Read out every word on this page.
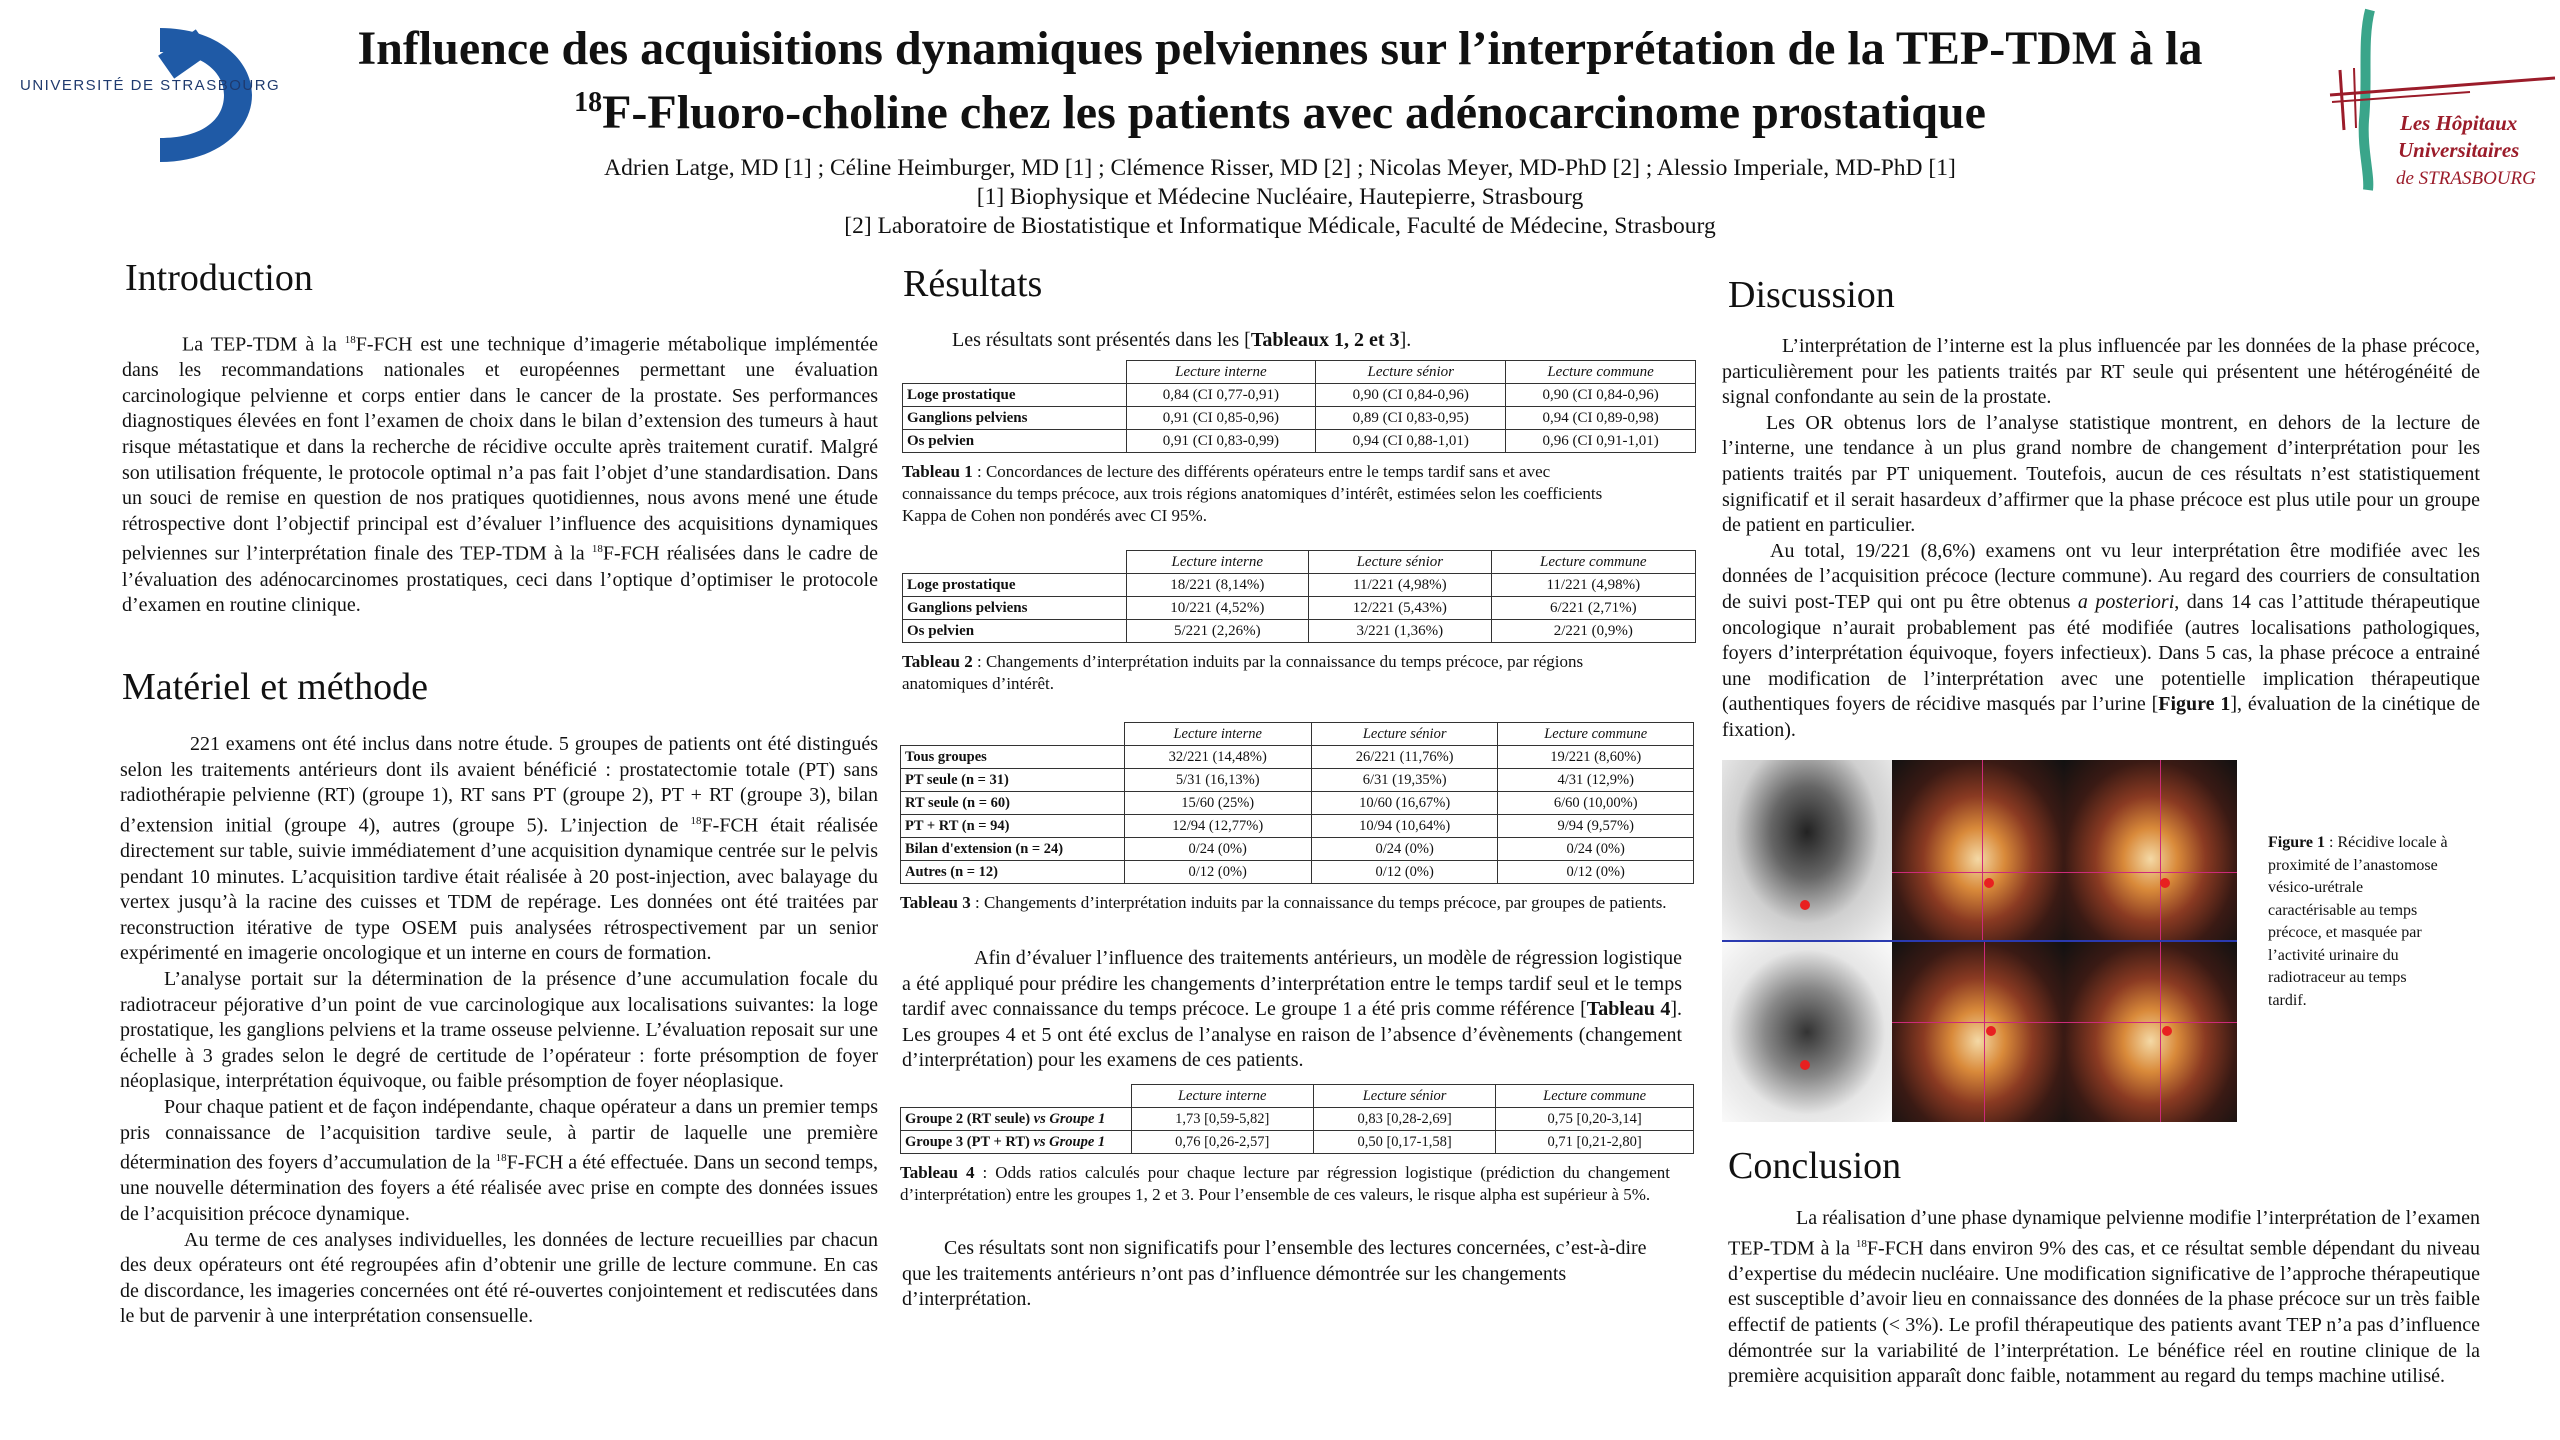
UNIVERSITÉ DE STRASBOURG
Les Hôpitaux
Universitaires
de STRASBOURG
Influence des acquisitions dynamiques pelviennes sur l’interprétation de la TEP-TDM à la
$^{18}$F-Fluoro-choline chez les patients avec adénocarcinome prostatique
Adrien Latge, MD [1] ; Céline Heimburger, MD [1] ; Clémence Risser, MD [2] ; Nicolas Meyer, MD-PhD [2] ; Alessio Imperiale, MD-PhD [1]
[1] Biophysique et Médecine Nucléaire, Hautepierre, Strasbourg
[2] Laboratoire de Biostatistique et Informatique Médicale, Faculté de Médecine, Strasbourg
Introduction

La TEP-TDM à la $^{18}$F-FCH est une technique d’imagerie métabolique implémentée dans les recommandations nationales et européennes permettant une évaluation carcinologique pelvienne et corps entier dans le cancer de la prostate. Ses performances diagnostiques élevées en font l’examen de choix dans le bilan d’extension des tumeurs à haut risque métastatique et dans la recherche de récidive occulte après traitement curatif. Malgré son utilisation fréquente, le protocole optimal n’a pas fait l’objet d’une standardisation. Dans un souci de remise en question de nos pratiques quotidiennes, nous avons mené une étude rétrospective dont l’objectif principal est d’évaluer l’influence des acquisitions dynamiques pelviennes sur l’interprétation finale des TEP-TDM à la $^{18}$F-FCH réalisées dans le cadre de l’évaluation des adénocarcinomes prostatiques, ceci dans l’optique d’optimiser le protocole d’examen en routine clinique.

Matériel et méthode

221 examens ont été inclus dans notre étude. 5 groupes de patients ont été distingués selon les traitements antérieurs dont ils avaient bénéficié : prostatectomie totale (PT) sans radiothérapie pelvienne (RT) (groupe 1), RT sans PT (groupe 2), PT + RT (groupe 3), bilan d’extension initial (groupe 4), autres (groupe 5). L’injection de $^{18}$F-FCH était réalisée directement sur table, suivie immédiatement d’une acquisition dynamique centrée sur le pelvis pendant 10 minutes. L’acquisition tardive était réalisée à 20 post-injection, avec balayage du vertex jusqu’à la racine des cuisses et TDM de repérage. Les données ont été traitées par reconstruction itérative de type OSEM puis analysées rétrospectivement par un senior expérimenté en imagerie oncologique et un interne en cours de formation.

L’analyse portait sur la détermination de la présence d’une accumulation focale du radiotraceur péjorative d’un point de vue carcinologique aux localisations suivantes: la loge prostatique, les ganglions pelviens et la trame osseuse pelvienne. L’évaluation reposait sur une échelle à 3 grades selon le degré de certitude de l’opérateur : forte présomption de foyer néoplasique, interprétation équivoque, ou faible présomption de foyer néoplasique.

Pour chaque patient et de façon indépendante, chaque opérateur a dans un premier temps pris connaissance de l’acquisition tardive seule, à partir de laquelle une première détermination des foyers d’accumulation de la $^{18}$F-FCH a été effectuée. Dans un second temps, une nouvelle détermination des foyers a été réalisée avec prise en compte des données issues de l’acquisition précoce dynamique.

Au terme de ces analyses individuelles, les données de lecture recueillies par chacun des deux opérateurs ont été regroupées afin d’obtenir une grille de lecture commune. En cas de discordance, les imageries concernées ont été ré-ouvertes conjointement et rediscutées dans le but de parvenir à une interprétation consensuelle.

Résultats
Les résultats sont présentés dans les [Tableaux 1, 2 et 3].
	Lecture interne	Lecture sénior	Lecture commune
Loge prostatique	0,84 (CI 0,77-0,91)	0,90 (CI 0,84-0,96)	0,90 (CI 0,84-0,96)
Ganglions pelviens	0,91 (CI 0,85-0,96)	0,89 (CI 0,83-0,95)	0,94 (CI 0,89-0,98)
Os pelvien	0,91 (CI 0,83-0,99)	0,94 (CI 0,88-1,01)	0,96 (CI 0,91-1,01)
Tableau 1 : Concordances de lecture des différents opérateurs entre le temps tardif sans et avec connaissance du temps précoce, aux trois régions anatomiques d’intérêt, estimées selon les coefficients Kappa de Cohen non pondérés avec CI 95%.
	Lecture interne	Lecture sénior	Lecture commune
Loge prostatique	18/221 (8,14%)	11/221 (4,98%)	11/221 (4,98%)
Ganglions pelviens	10/221 (4,52%)	12/221 (5,43%)	6/221 (2,71%)
Os pelvien	5/221 (2,26%)	3/221 (1,36%)	2/221 (0,9%)
Tableau 2 : Changements d’interprétation induits par la connaissance du temps précoce, par régions anatomiques d’intérêt.
	Lecture interne	Lecture sénior	Lecture commune
Tous groupes	32/221 (14,48%)	26/221 (11,76%)	19/221 (8,60%)
PT seule (n = 31)	5/31 (16,13%)	6/31 (19,35%)	4/31 (12,9%)
RT seule (n = 60)	15/60 (25%)	10/60 (16,67%)	6/60 (10,00%)
PT + RT (n = 94)	12/94 (12,77%)	10/94 (10,64%)	9/94 (9,57%)
Bilan d'extension (n = 24)	0/24 (0%)	0/24 (0%)	0/24 (0%)
Autres (n = 12)	0/12 (0%)	0/12 (0%)	0/12 (0%)
Tableau 3 : Changements d’interprétation induits par la connaissance du temps précoce, par groupes de patients.

Afin d’évaluer l’influence des traitements antérieurs, un modèle de régression logistique a été appliqué pour prédire les changements d’interprétation entre le temps tardif seul et le temps tardif avec connaissance du temps précoce. Le groupe 1 a été pris comme référence [Tableau 4]. Les groupes 4 et 5 ont été exclus de l’analyse en raison de l’absence d’évènements (changement d’interprétation) pour les examens de ces patients.

	Lecture interne	Lecture sénior	Lecture commune
Groupe 2 (RT seule) vs Groupe 1	1,73 [0,59-5,82]	0,83 [0,28-2,69]	0,75 [0,20-3,14]
Groupe 3 (PT + RT) vs Groupe 1	0,76 [0,26-2,57]	0,50 [0,17-1,58]	0,71 [0,21-2,80]
Tableau 4 : Odds ratios calculés pour chaque lecture par régression logistique (prédiction du changement d’interprétation) entre les groupes 1, 2 et 3. Pour l’ensemble de ces valeurs, le risque alpha est supérieur à 5%.

Ces résultats sont non significatifs pour l’ensemble des lectures concernées, c’est-à-dire que les traitements antérieurs n’ont pas d’influence démontrée sur les changements d’interprétation.

Discussion

L’interprétation de l’interne est la plus influencée par les données de la phase précoce, particulièrement pour les patients traités par RT seule qui présentent une hétérogénéité de signal confondante au sein de la prostate.

Les OR obtenus lors de l’analyse statistique montrent, en dehors de la lecture de l’interne, une tendance à un plus grand nombre de changement d’interprétation pour les patients traités par PT uniquement. Toutefois, aucun de ces résultats n’est statistiquement significatif et il serait hasardeux d’affirmer que la phase précoce est plus utile pour un groupe de patient en particulier.

Au total, 19/221 (8,6%) examens ont vu leur interprétation être modifiée avec les données de l’acquisition précoce (lecture commune). Au regard des courriers de consultation de suivi post-TEP qui ont pu être obtenus a posteriori, dans 14 cas l’attitude thérapeutique oncologique n’aurait probablement pas été modifiée (autres localisations pathologiques, foyers d’interprétation équivoque, foyers infectieux). Dans 5 cas, la phase précoce a entrainé une modification de l’interprétation avec une potentielle implication thérapeutique (authentiques foyers de récidive masqués par l’urine [Figure 1], évaluation de la cinétique de fixation).

Figure 1 : Récidive locale à proximité de l’anastomose vésico-urétrale caractérisable au temps précoce, et masquée par l’activité urinaire du radiotraceur au temps tardif.
Conclusion

La réalisation d’une phase dynamique pelvienne modifie l’interprétation de l’examen TEP-TDM à la $^{18}$F-FCH dans environ 9% des cas, et ce résultat semble dépendant du niveau d’expertise du médecin nucléaire. Une modification significative de l’approche thérapeutique est susceptible d’avoir lieu en connaissance des données de la phase précoce sur un très faible effectif de patients (< 3%). Le profil thérapeutique des patients avant TEP n’a pas d’influence démontrée sur la variabilité de l’interprétation. Le bénéfice réel en routine clinique de la première acquisition apparaît donc faible, notamment au regard du temps machine utilisé.
